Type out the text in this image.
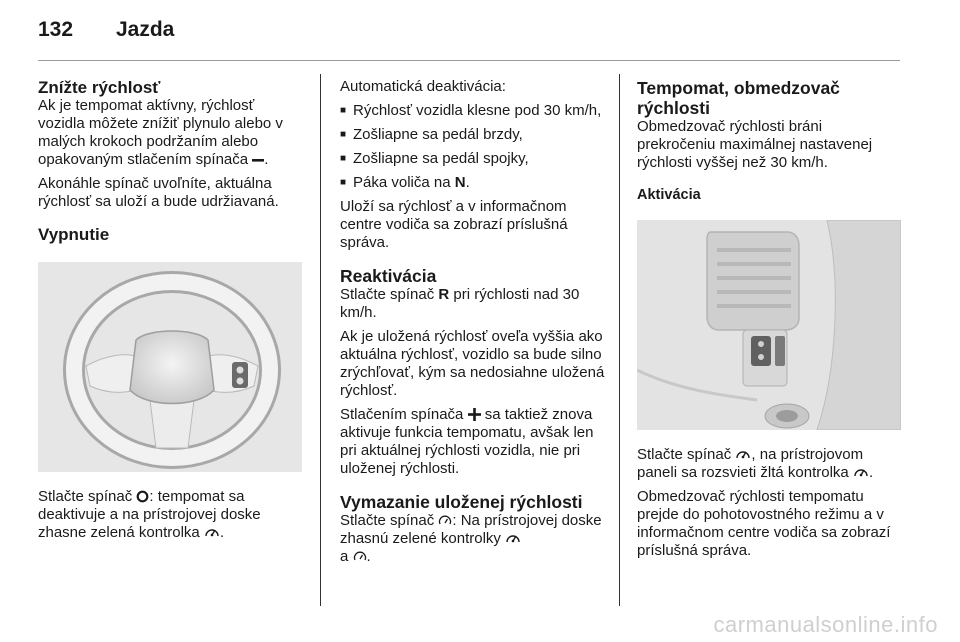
132 Jazda
Znížte rýchlosť

Ak je tempomat aktívny, rýchlosť vozidla môžete znížiť plynulo alebo v malých krokoch podržaním alebo opakovaným stlačením spínača .

Akonáhle spínač uvoľníte, aktuálna rýchlosť sa uloží a bude udržiavaná.

Vypnutie

Stlačte spínač : tempomat sa deaktivuje a na prístrojovej doske zhasne zelená kontrolka .

Automatická deaktivácia:

■ Rýchlosť vozidla klesne pod 30 km/h,
■ Zošliapne sa pedál brzdy,
■ Zošliapne sa pedál spojky,
■ Páka voliča na N.

Uloží sa rýchlosť a v informačnom centre vodiča sa zobrazí príslušná správa.

Reaktivácia

Stlačte spínač R pri rýchlosti nad 30 km/h.

Ak je uložená rýchlosť oveľa vyššia ako aktuálna rýchlosť, vozidlo sa bude silno zrýchľovať, kým sa nedosiahne uložená rýchlosť.

Stlačením spínača  sa taktiež znova aktivuje funkcia tempomatu, avšak len pri aktuálnej rýchlosti vozidla, nie pri uloženej rýchlosti.

Vymazanie uloženej rýchlosti

Stlačte spínač : Na prístrojovej doske zhasnú zelené kontrolky
a .

Tempomat, obmedzovač rýchlosti

Obmedzovač rýchlosti bráni prekročeniu maximálnej nastavenej rýchlosti vyššej než 30 km/h.

Aktivácia

Stlačte spínač , na prístrojovom paneli sa rozsvieti žltá kontrolka .

Obmedzovač rýchlosti tempomatu prejde do pohotovostného režimu a v informačnom centre vodiča sa zobrazí príslušná správa.

carmanualsonline.info
